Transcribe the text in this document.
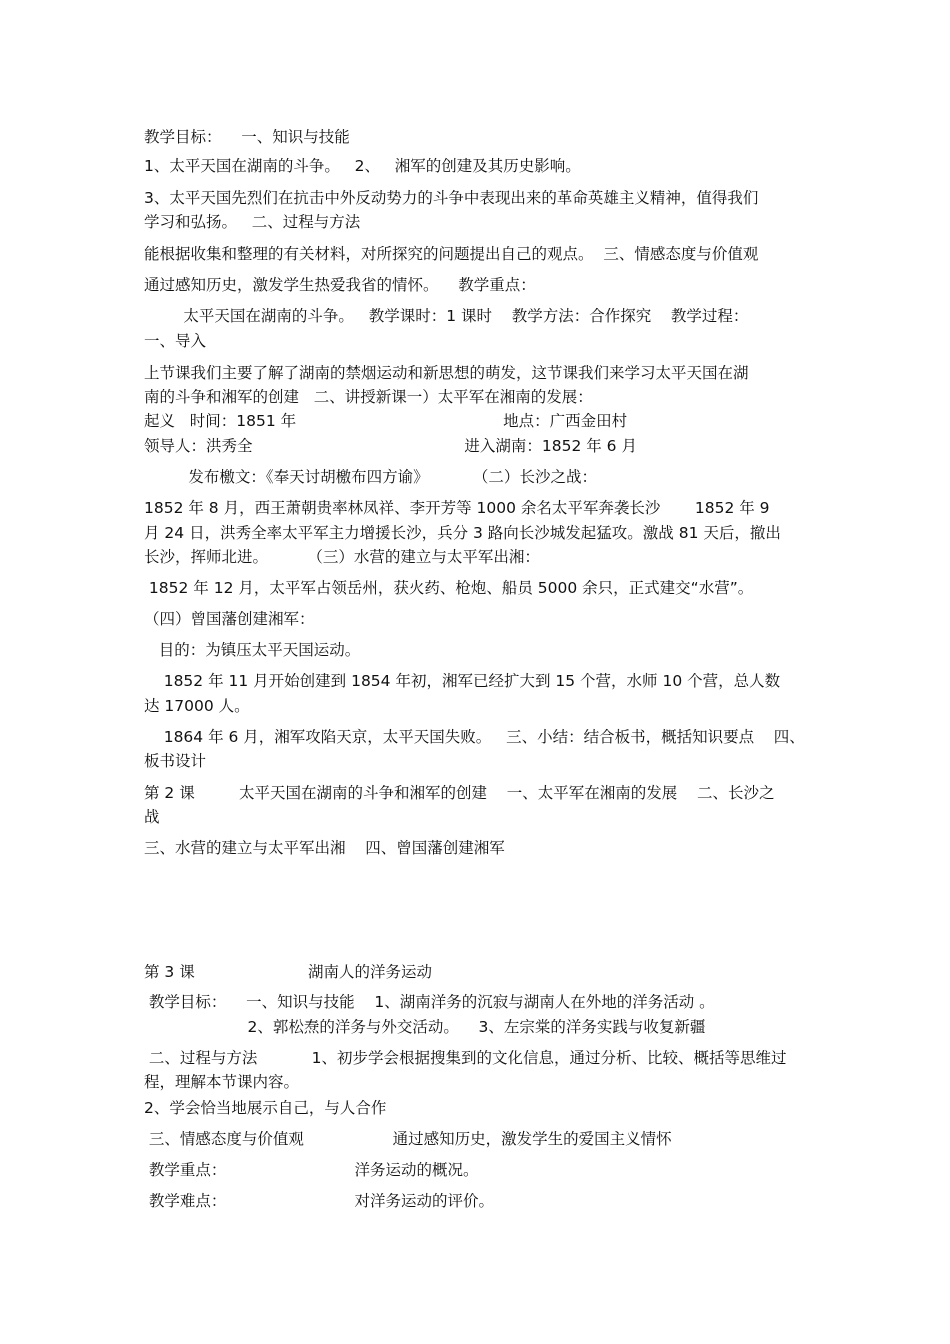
教学目标：    一、知识与技能

1、太平天国在湖南的斗争。   2、   湘军的创建及其历史影响。

3、太平天国先烈们在抗击中外反动势力的斗争中表现出来的革命英雄主义精神，值得我们

学习和弘扬。   二、过程与方法

能根据收集和整理的有关材料，对所探究的问题提出自己的观点。  三、情感态度与价值观

通过感知历史，激发学生热爱我省的情怀。    教学重点：

太平天国在湖南的斗争。   教学课时：1 课时    教学方法：合作探究    教学过程：

一、导入

上节课我们主要了解了湖南的禁烟运动和新思想的萌发，这节课我们来学习太平天国在湖

南的斗争和湘军的创建   二、讲授新课一）太平军在湘南的发展：

起义   时间：1851 年                                          地点：广西金田村

领导人：洪秀全                                           进入湖南：1852 年 6 月

发布檄文：《奉天讨胡檄布四方谕》         （二）长沙之战：

1852 年 8 月，西王萧朝贵率林凤祥、李开芳等 1000 余名太平军奔袭长沙       1852 年 9

月 24 日，洪秀全率太平军主力增援长沙，兵分 3 路向长沙城发起猛攻。激战 81 天后，撤出

长沙，挥师北进。        （三）水营的建立与太平军出湘：

1852 年 12 月，太平军占领岳州，获火药、枪炮、船员 5000 余只，正式建交“水营”。

（四）曾国藩创建湘军：

目的：为镇压太平天国运动。

1852 年 11 月开始创建到 1854 年初，湘军已经扩大到 15 个营，水师 10 个营，总人数

达 17000 人。

1864 年 6 月，湘军攻陷天京，太平天国失败。   三、小结：结合板书，概括知识要点    四、

板书设计

第 2 课         太平天国在湖南的斗争和湘军的创建    一、太平军在湘南的发展    二、长沙之

战

三、水营的建立与太平军出湘    四、曾国藩创建湘军

第 3 课                       湖南人的洋务运动

教学目标：    一、知识与技能    1、湖南洋务的沉寂与湖南人在外地的洋务活动 。

2、郭松焘的洋务与外交活动。    3、左宗棠的洋务实践与收复新疆

二、过程与方法           1、初步学会根据搜集到的文化信息，通过分析、比较、概括等思维过

程，理解本节课内容。

2、学会恰当地展示自己，与人合作

三、情感态度与价值观                  通过感知历史，激发学生的爱国主义情怀

教学重点：                          洋务运动的概况。

教学难点：                          对洋务运动的评价。
